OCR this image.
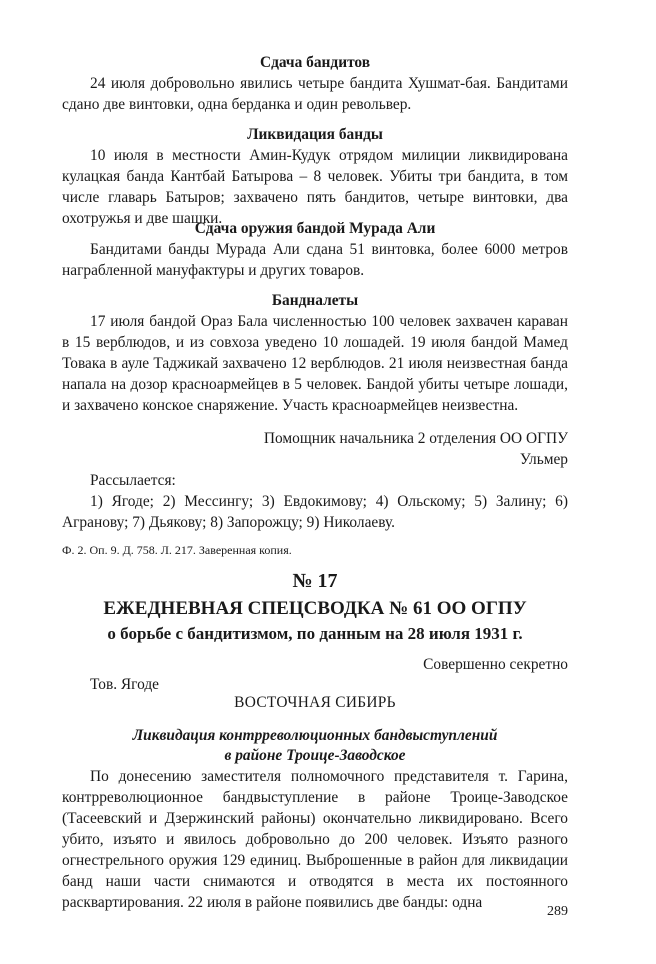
Сдача бандитов

24 июля добровольно явились четыре бандита Хушмат-бая. Бандитами сдано две винтовки, одна берданка и один револьвер.

Ликвидация банды

10 июля в местности Амин-Кудук отрядом милиции ликвидирована кулацкая банда Кантбай Батырова – 8 человек. Убиты три бандита, в том числе главарь Батыров; захвачено пять бандитов, четыре винтовки, два охотружья и две шашки.

Сдача оружия бандой Мурада Али

Бандитами банды Мурада Али сдана 51 винтовка, более 6000 метров награбленной мануфактуры и других товаров.

Бандналеты

17 июля бандой Ораз Бала численностью 100 человек захвачен караван в 15 верблюдов, и из совхоза уведено 10 лошадей. 19 июля бандой Мамед Товака в ауле Таджикай захвачено 12 верблюдов. 21 июля неизвестная банда напала на дозор красноармейцев в 5 человек. Бандой убиты четыре лошади, и захвачено конское снаряжение. Участь красноармейцев неизвестна.

Помощник начальника 2 отделения ОО ОГПУ

Ульмер

Рассылается:

1) Ягоде; 2) Мессингу; 3) Евдокимову; 4) Ольскому; 5) Залину; 6) Агранову; 7) Дьякову; 8) Запорожцу; 9) Николаеву.

Ф. 2. Оп. 9. Д. 758. Л. 217. Заверенная копия.

№ 17

ЕЖЕДНЕВНАЯ СПЕЦСВОДКА № 61 ОО ОГПУ

о борьбе с бандитизмом, по данным на 28 июля 1931 г.

Совершенно секретно

Тов. Ягоде

ВОСТОЧНАЯ СИБИРЬ

Ликвидация контрреволюционных бандвыступлений

в районе Троице-Заводское

По донесению заместителя полномочного представителя т. Гарина, контрреволюционное бандвыступление в районе Троице-Заводское (Тасеевский и Дзержинский районы) окончательно ликвидировано. Всего убито, изъято и явилось добровольно до 200 человек. Изъято разного огнестрельного оружия 129 единиц. Выброшенные в район для ликвидации банд наши части снимаются и отводятся в места их постоянного расквартирования. 22 июля в районе появились две банды: одна

289
